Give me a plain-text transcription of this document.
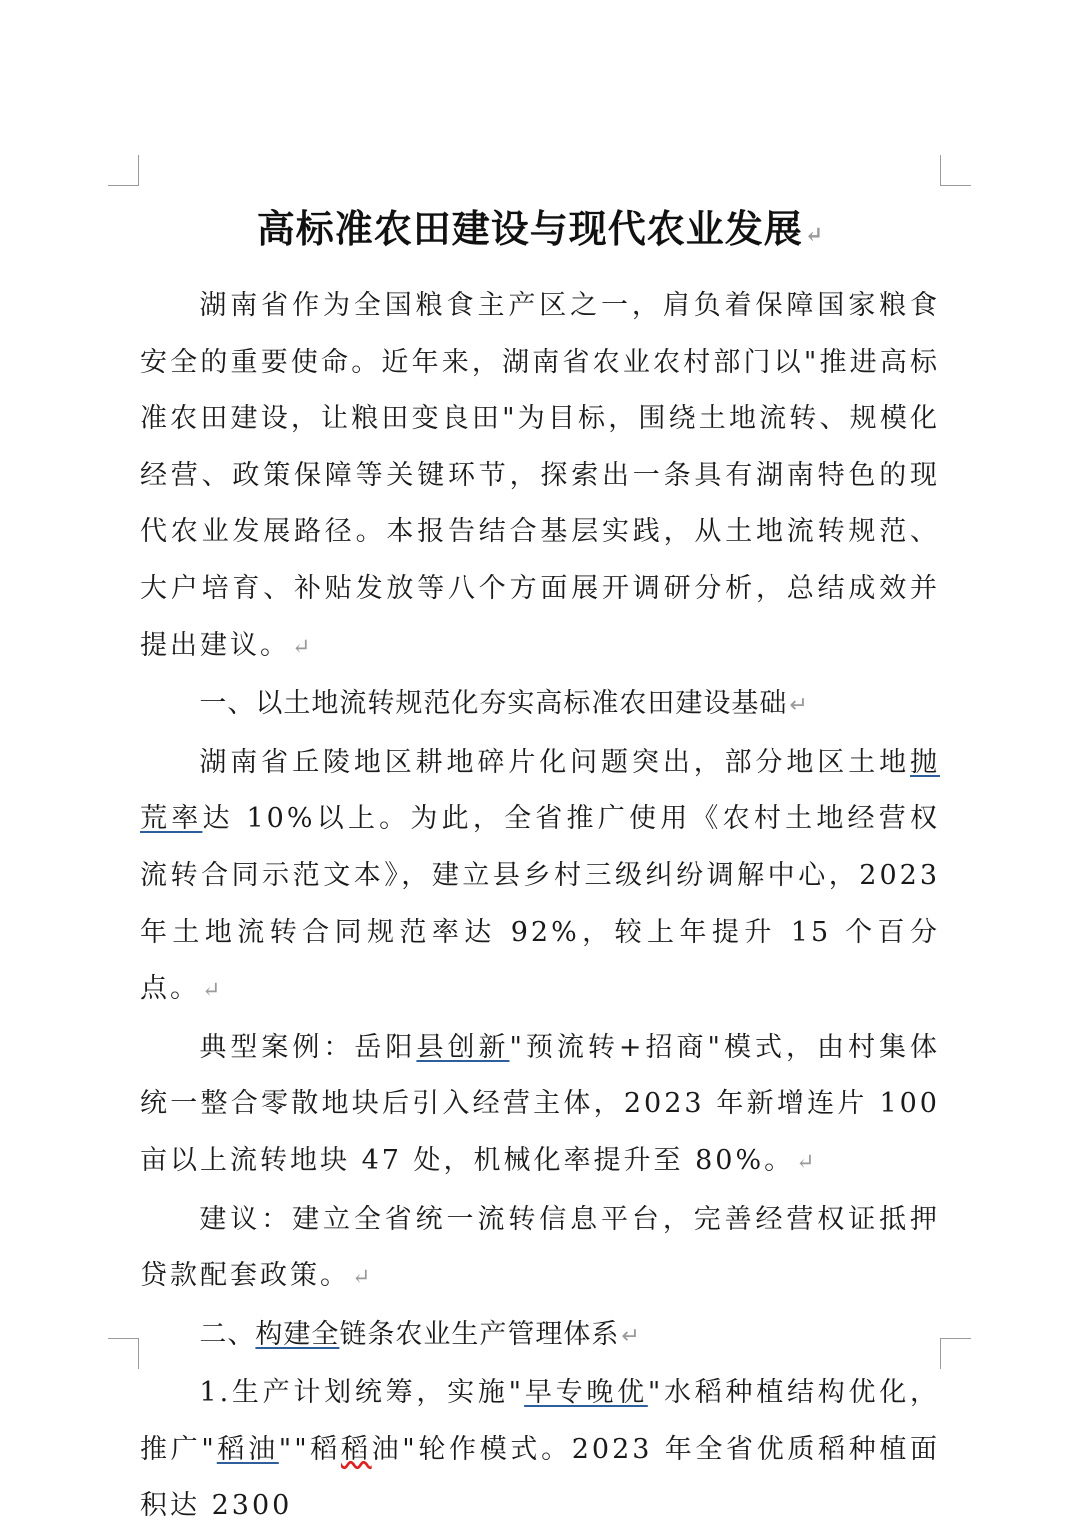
高标准农田建设与现代农业发展↵

湖南省作为全国粮食主产区之一，肩负着保障国家粮食安全的重要使命。近年来，湖南省农业农村部门以"推进高标准农田建设，让粮田变良田"为目标，围绕土地流转、规模化经营、政策保障等关键环节，探索出一条具有湖南特色的现代农业发展路径。本报告结合基层实践，从土地流转规范、大户培育、补贴发放等八个方面展开调研分析，总结成效并提出建议。↵

一、以土地流转规范化夯实高标准农田建设基础↵

湖南省丘陵地区耕地碎片化问题突出，部分地区土地抛荒率达 10%以上。为此，全省推广使用《农村土地经营权流转合同示范文本》，建立县乡村三级纠纷调解中心，2023 年土地流转合同规范率达 92%，较上年提升 15 个百分点。↵

典型案例：岳阳县创新"预流转+招商"模式，由村集体统一整合零散地块后引入经营主体，2023 年新增连片 100 亩以上流转地块 47 处，机械化率提升至 80%。↵

建议：建立全省统一流转信息平台，完善经营权证抵押贷款配套政策。↵

二、构建全链条农业生产管理体系↵

1.生产计划统筹，实施"早专晚优"水稻种植结构优化，推广"稻油""稻稻油"轮作模式。2023 年全省优质稻种植面积达 2300
